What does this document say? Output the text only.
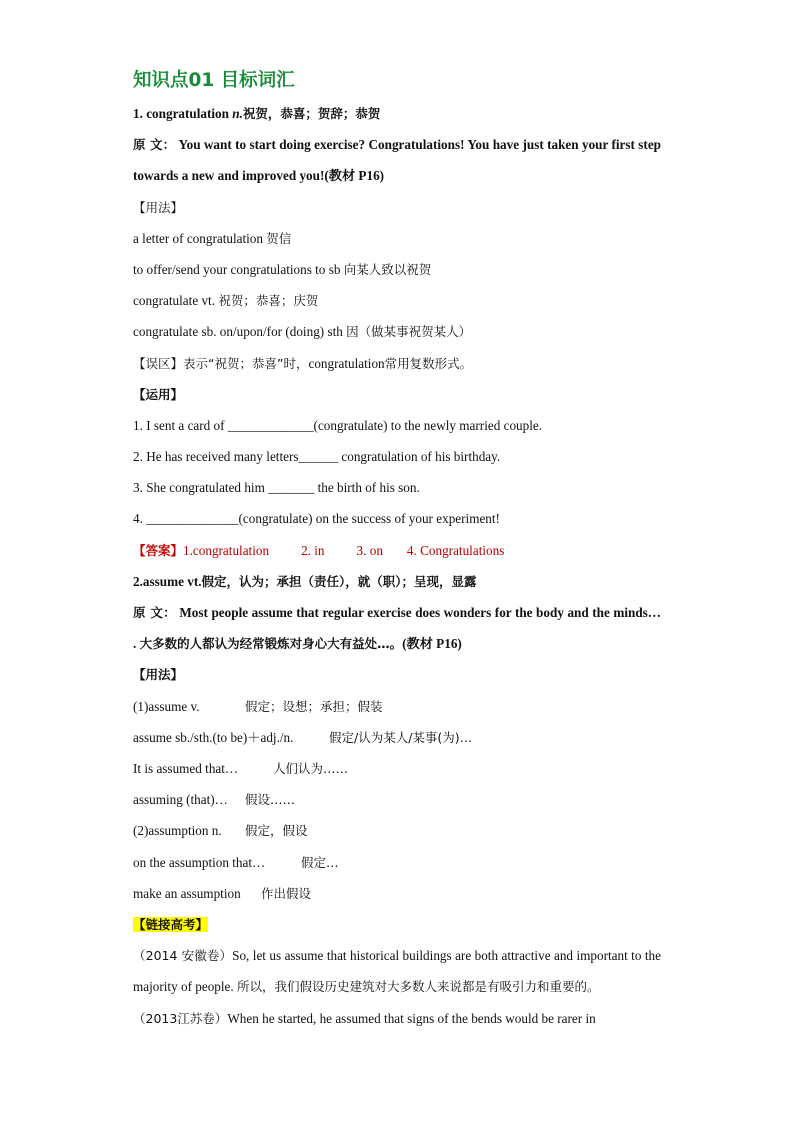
知识点01 目标词汇
1. congratulation n.祝贺，恭喜；贺辞；恭贺
原 文： You want to start doing exercise? Congratulations! You have just taken your first step towards a new and improved you!(教材 P16)
【用法】
a letter of congratulation 贺信
to offer/send your congratulations to sb 向某人致以祝贺
congratulate vt. 祝贺；恭喜；庆贺
congratulate sb. on/upon/for (doing) sth 因（做某事祝贺某人）
【误区】表示“祝贺；恭喜”时，congratulation常用复数形式。
【运用】
1. I sent a card of _____________(congratulate) to the newly married couple.
2. He has received many letters______ congratulation of his birthday.
3. She congratulated him _______ the birth of his son.
4. ______________(congratulate) on the success of your experiment!
【答案】1.congratulation 2. in 3. on 4. Congratulations
2.assume vt.假定，认为；承担（责任），就（职）；呈现，显露
原 文： Most people assume that regular exercise does wonders for the body and the minds… . 大多数的人都认为经常锻炼对身心大有益处…。(教材 P16)
【用法】
(1)assume v.	假定；设想；承担；假装
assume sb./sth.(to be)＋adj./n.	假定/认为某人/某事(为)…
It is assumed that…	人们认为……
assuming (that)… 假设……
(2)assumption n. 假定，假设
on the assumption that…	假定…
make an assumption 作出假设
【链接高考】
（2014 安徽卷）So, let us assume that historical buildings are both attractive and important to the majority of people. 所以，我们假设历史建筑对大多数人来说都是有吸引力和重要的。
（2013江苏卷）When he started, he assumed that signs of the bends would be rarer in
